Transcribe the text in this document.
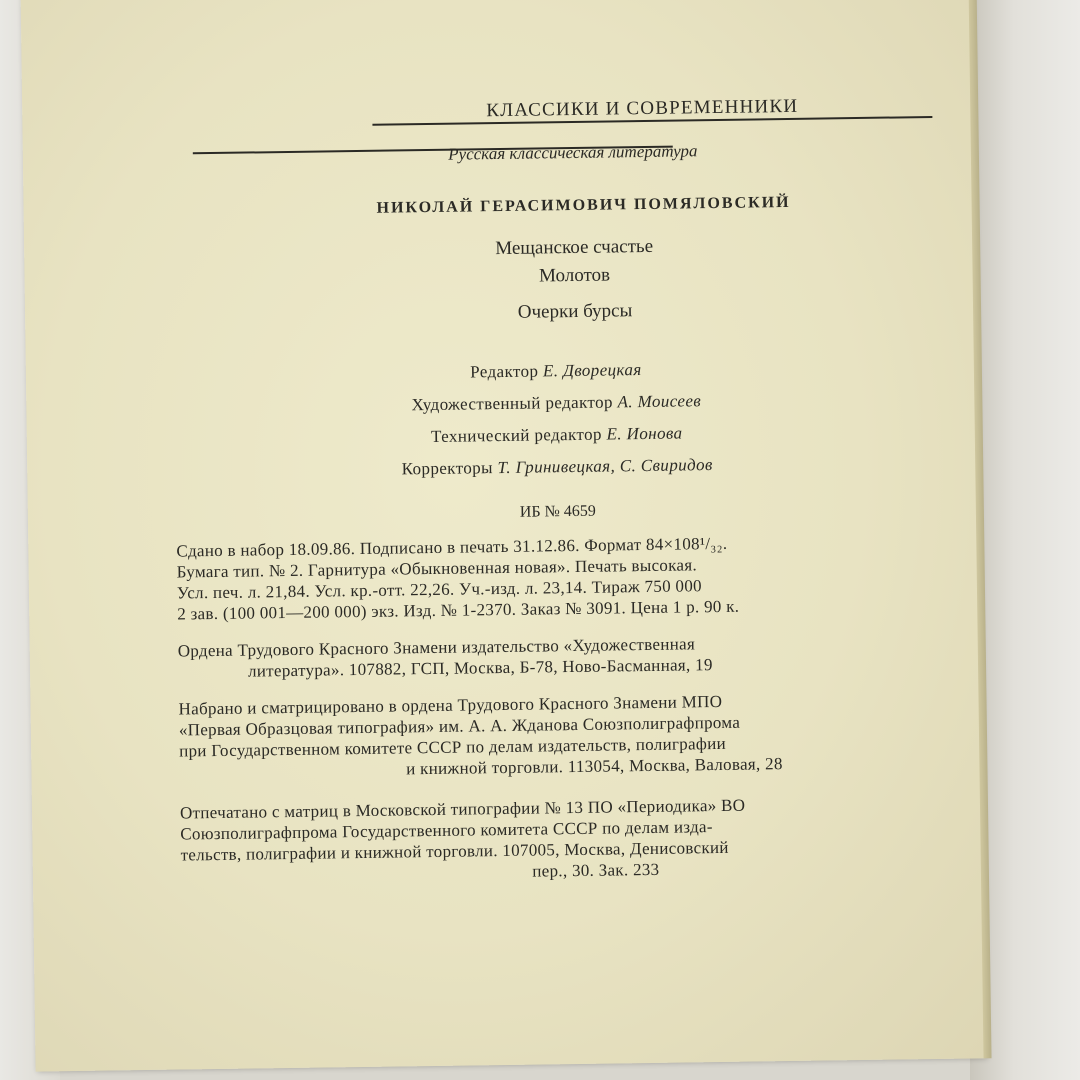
КЛАССИКИ И СОВРЕМЕННИКИ
Русская классическая литература
НИКОЛАЙ ГЕРАСИМОВИЧ ПОМЯЛОВСКИЙ
Мещанское счастье
Молотов
Очерки бурсы
Редактор Е. Дворецкая
Художественный редактор А. Моисеев
Технический редактор Е. Ионова
Корректоры Т. Гринивецкая, С. Свиридов
ИБ № 4659
Сдано в набор 18.09.86. Подписано в печать 31.12.86. Формат 84×108¹/₃₂.
Бумага тип. № 2. Гарнитура «Обыкновенная новая». Печать высокая.
Усл. печ. л. 21,84. Усл. кр.-отт. 22,26. Уч.-изд. л. 23,14. Тираж 750 000
2 зав. (100 001—200 000) экз. Изд. № 1-2370. Заказ № 3091. Цена 1 р. 90 к.
Ордена Трудового Красного Знамени издательство «Художественная
литература». 107882, ГСП, Москва, Б-78, Ново-Басманная, 19
Набрано и сматрицировано в ордена Трудового Красного Знамени МПО
«Первая Образцовая типография» им. А. А. Жданова Союзполиграфпрома
при Государственном комитете СССР по делам издательств, полиграфии
и книжной торговли. 113054, Москва, Валовая, 28
Отпечатано с матриц в Московской типографии № 13 ПО «Периодика» ВО
Союзполиграфпрома Государственного комитета СССР по делам изда-
тельств, полиграфии и книжной торговли. 107005, Москва, Денисовский
пер., 30. Зак. 233
